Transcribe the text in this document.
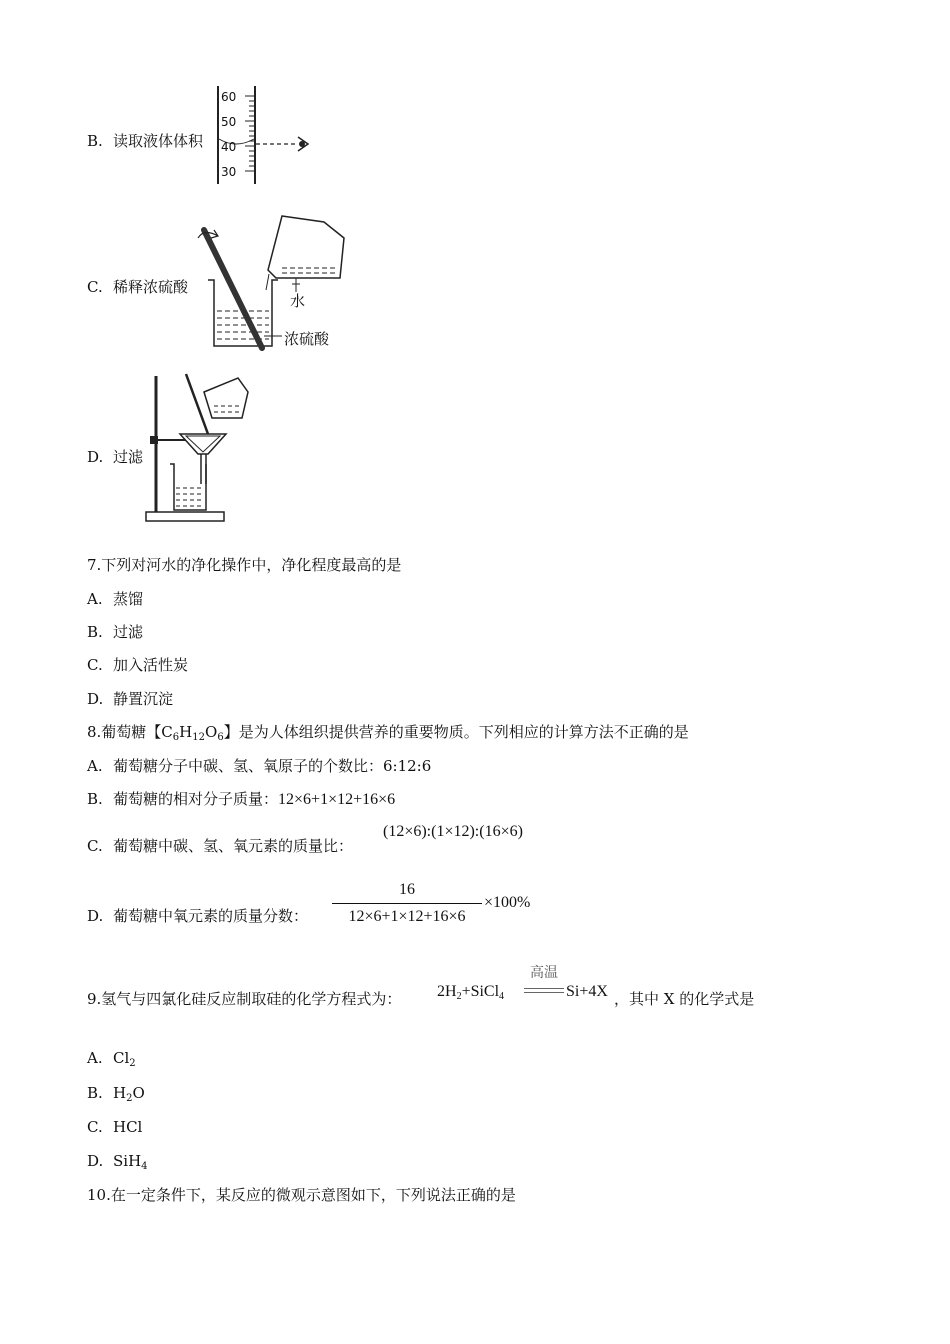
B. 读取液体体积
60
50
40
30
C. 稀释浓硫酸
水
浓硫酸
D. 过滤
7.下列对河水的净化操作中，净化程度最高的是
A. 蒸馏
B. 过滤
C. 加入活性炭
D. 静置沉淀
8.葡萄糖【$C_6H_{12}O_6$】是为人体组织提供营养的重要物质。下列相应的计算方法不正确的是
A. 葡萄糖分子中碳、氢、氧原子的个数比：6:12:6
B. 葡萄糖的相对分子质量：12×6+1×12+16×6
C. 葡萄糖中碳、氢、氧元素的质量比：
(12×6):(1×12):(16×6)
D. 葡萄糖中氧元素的质量分数：
16
12×6+1×12+16×6
×100%
9.氢气与四氯化硅反应制取硅的化学方程式为： $2H_2+SiCl_4$
高温
Si+4X ，其中 X 的化学式是
A. $Cl_2$
B. $H_2O$
C. HCl
D. SiH$_4$
10.在一定条件下，某反应的微观示意图如下，下列说法正确的是
